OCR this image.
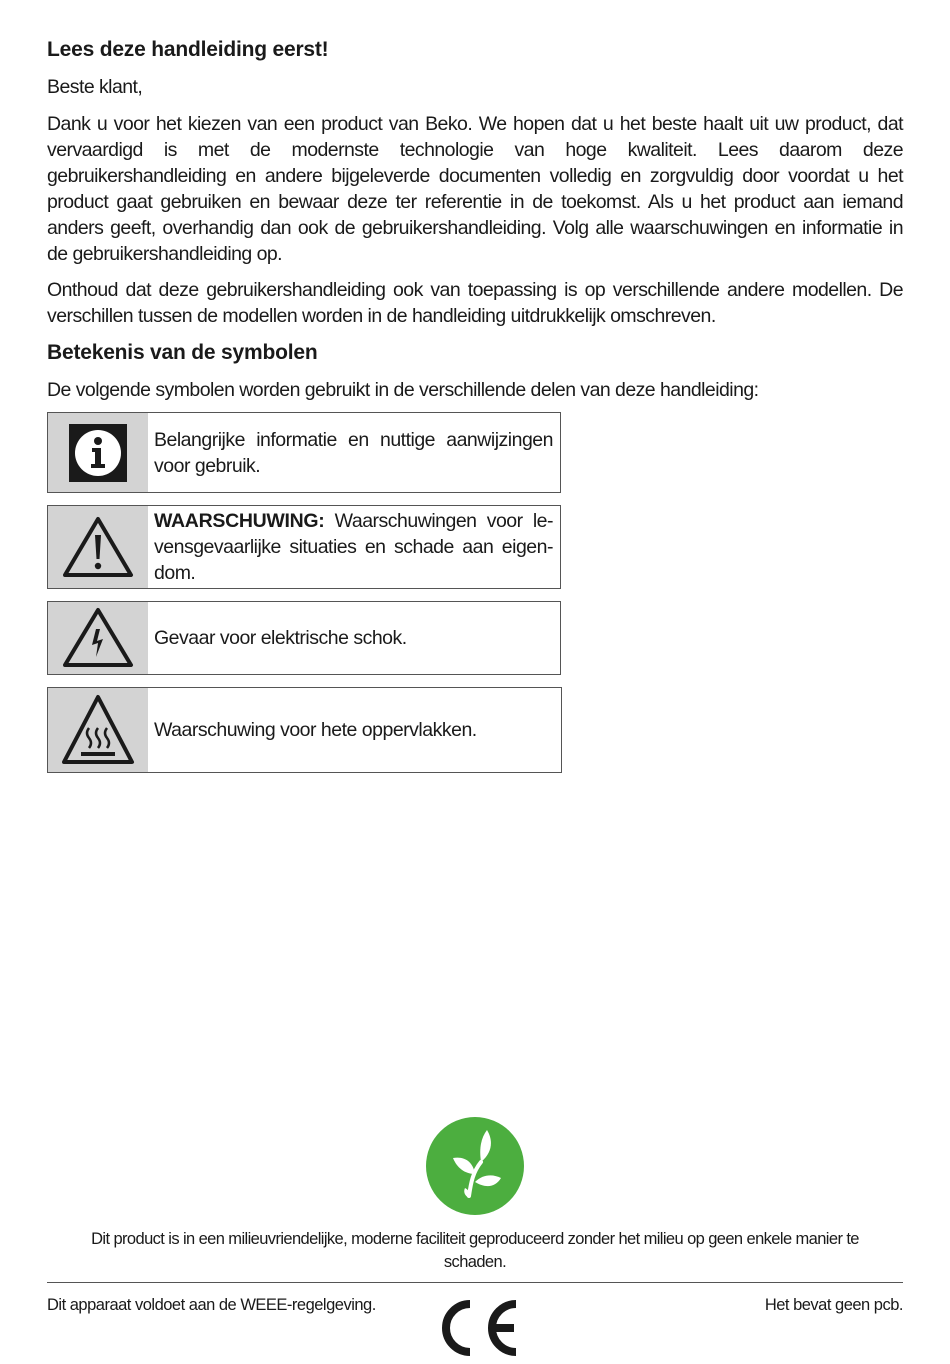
Lees deze handleiding eerst!

Beste klant,

Dank u voor het kiezen van een product van Beko. We hopen dat u het beste haalt uit uw product, dat vervaardigd is met de modernste technologie van hoge kwaliteit. Lees daarom deze gebruikershandleiding en andere bijgeleverde documenten volledig en zorgvuldig door voordat u het product gaat gebruiken en bewaar deze ter referentie in de toekomst. Als u het product aan iemand anders geeft, overhandig dan ook de gebruikershandleiding. Volg alle waarschuwingen en informatie in de gebruikershandleiding op.

Onthoud dat deze gebruikershandleiding ook van toepassing is op verschillende andere modellen. De verschillen tussen de modellen worden in de handleiding uitdrukkelijk omschreven.

Betekenis van de symbolen

De volgende symbolen worden gebruikt in de verschillende delen van deze handleiding:

Belangrijke informatie en nuttige aanwijzingen voor gebruik.
WAARSCHUWING: Waarschuwingen voor le-vensgevaarlijke situaties en schade aan eigen-dom.
Gevaar voor elektrische schok.
Waarschuwing voor hete oppervlakken.
Dit product is in een milieuvriendelijke, moderne faciliteit geproduceerd zonder het milieu op geen enkele manier te schaden.
Dit apparaat voldoet aan de WEEE-regelgeving.	Het bevat geen pcb.
